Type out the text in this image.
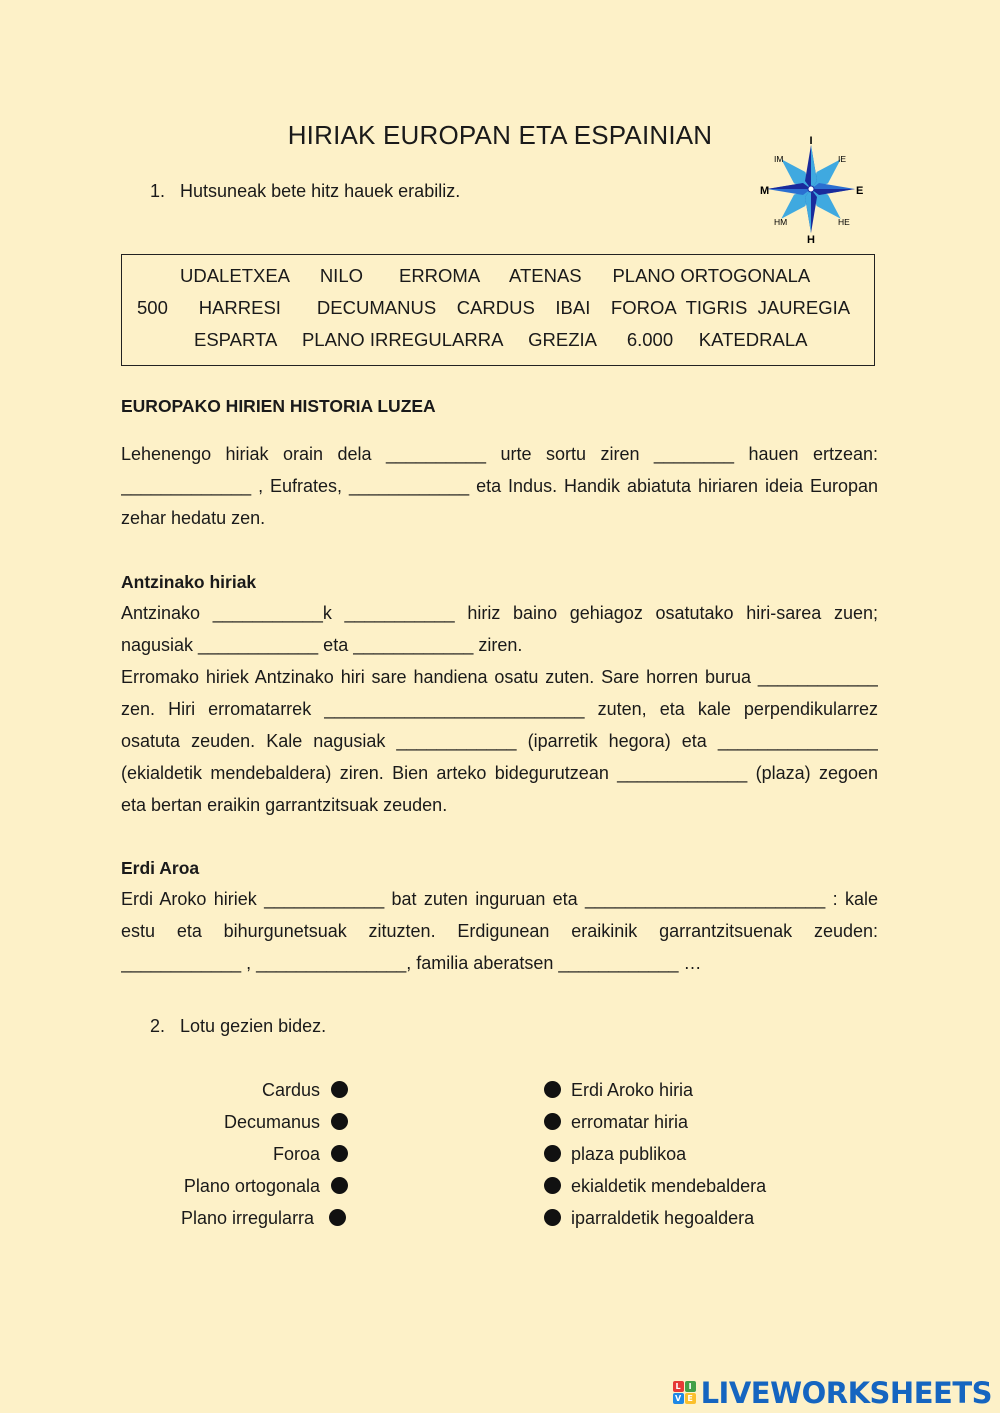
HIRIAK EUROPAN ETA ESPAINIAN
1. Hutsuneak bete hitz hauek erabiliz.
I
H
M	E
IM	IE
HM	HE
UDALETXEA      NILO       ERROMA      ATENAS      PLANO ORTOGONALA
500      HARRESI       DECUMANUS    CARDUS    IBAI    FOROA  TIGRIS  JAUREGIA
ESPARTA     PLANO IRREGULARRA     GREZIA      6.000     KATEDRALA
EUROPAKO HIRIEN HISTORIA LUZEA
Lehenengo hiriak orain dela __________ urte sortu ziren ________ hauen ertzean:
_____________ , Eufrates, ____________ eta Indus. Handik abiatuta hiriaren ideia Europan
zehar hedatu zen.
Antzinako hiriak
Antzinako ___________k ___________ hiriz baino gehiagoz osatutako hiri-sarea zuen;
nagusiak ____________ eta ____________ ziren.
Erromako hiriek Antzinako hiri sare handiena osatu zuten. Sare horren burua ____________
zen. Hiri erromatarrek __________________________ zuten, eta kale perpendikularrez
osatuta zeuden. Kale nagusiak ____________ (iparretik hegora) eta ________________
(ekialdetik mendebaldera) ziren. Bien arteko bidegurutzean _____________ (plaza) zegoen
eta bertan eraikin garrantzitsuak zeuden.
Erdi Aroa
Erdi Aroko hiriek ____________ bat zuten inguruan eta ________________________ : kale
estu eta bihurgunetsuak zituzten. Erdigunean eraikinik garrantzitsuenak zeuden:
____________ , _______________, familia aberatsen ____________ …
2. Lotu gezien bidez.
Cardus
Decumanus
Foroa
Plano ortogonala
Plano irregularra
Erdi Aroko hiria
erromatar hiria
plaza publikoa
ekialdetik mendebaldera
iparraldetik hegoaldera
L I
V E LIVEWORKSHEETS
